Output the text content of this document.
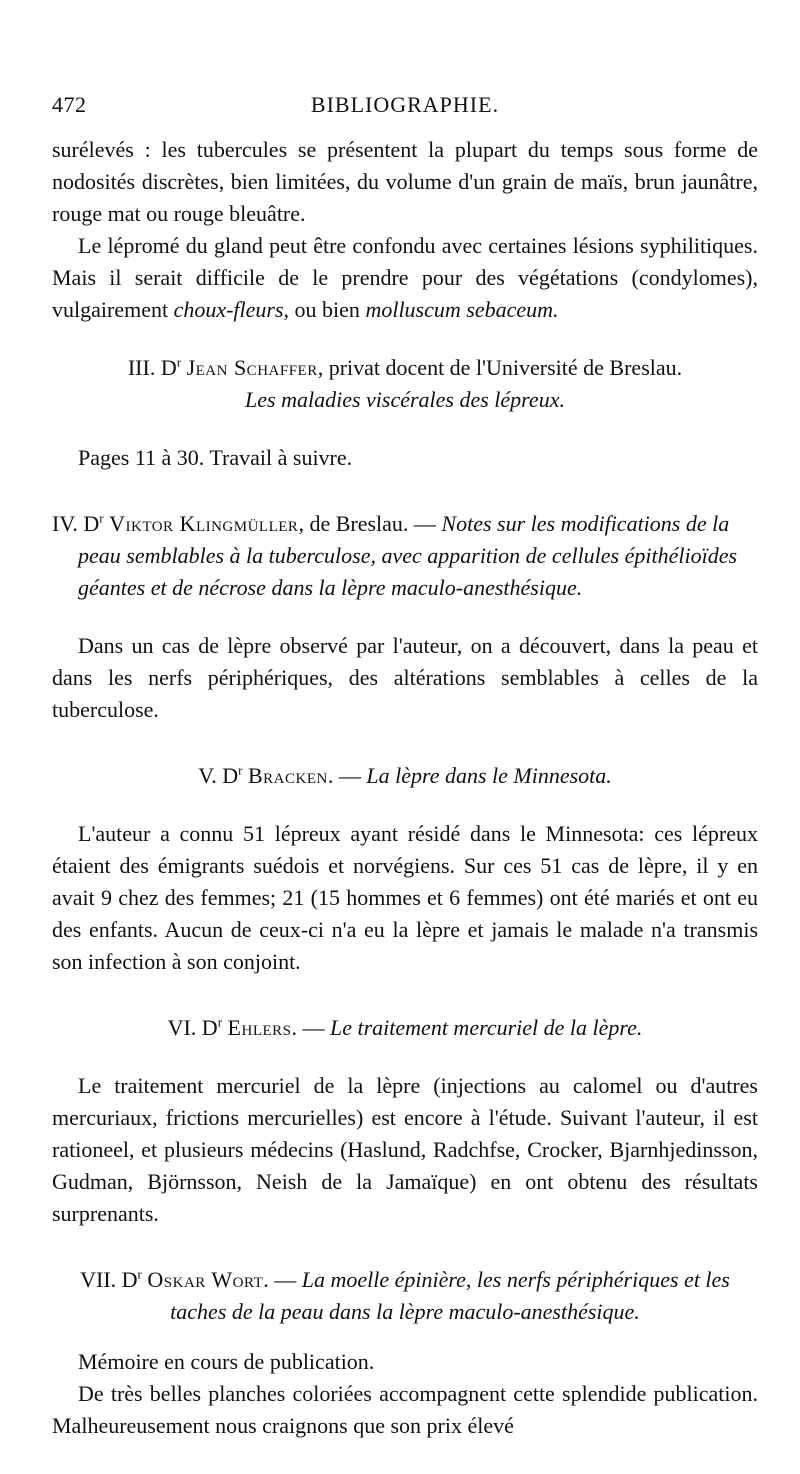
472	BIBLIOGRAPHIE.

surélevés : les tubercules se présentent la plupart du temps sous forme de nodosités discrètes, bien limitées, du volume d'un grain de maïs, brun jaunâtre, rouge mat ou rouge bleuâtre.

Le lépromé du gland peut être confondu avec certaines lésions syphilitiques. Mais il serait difficile de le prendre pour des végétations (condylomes), vulgairement choux-fleurs, ou bien molluscum sebaceum.

III. $D^r$ Jean Schaffer, privat docent de l'Université de Breslau.

Les maladies viscérales des lépreux.

Pages 11 à 30. Travail à suivre.

IV. $D^r$ Viktor Klingmüller, de Breslau. — Notes sur les modifications de la peau semblables à la tuberculose, avec apparition de cellules épithélioïdes géantes et de nécrose dans la lèpre maculo-anesthésique.

Dans un cas de lèpre observé par l'auteur, on a découvert, dans la peau et dans les nerfs périphériques, des altérations semblables à celles de la tuberculose.

V. $D^r$ Bracken. — La lèpre dans le Minnesota.

L'auteur a connu 51 lépreux ayant résidé dans le Minnesota: ces lépreux étaient des émigrants suédois et norvégiens. Sur ces 51 cas de lèpre, il y en avait 9 chez des femmes; 21 (15 hommes et 6 femmes) ont été mariés et ont eu des enfants. Aucun de ceux-ci n'a eu la lèpre et jamais le malade n'a transmis son infection à son conjoint.

VI. $D^r$ Ehlers. — Le traitement mercuriel de la lèpre.

Le traitement mercuriel de la lèpre (injections au calomel ou d'autres mercuriaux, frictions mercurielles) est encore à l'étude. Suivant l'auteur, il est rationeel, et plusieurs médecins (Haslund, Radchfse, Crocker, Bjarnhjedinsson, Gudman, Björnsson, Neish de la Jamaïque) en ont obtenu des résultats surprenants.

VII. $D^r$ Oskar Wort. — La moelle épinière, les nerfs périphériques et les taches de la peau dans la lèpre maculo-anesthésique.

Mémoire en cours de publication.

De très belles planches coloriées accompagnent cette splendide publication. Malheureusement nous craignons que son prix élevé
